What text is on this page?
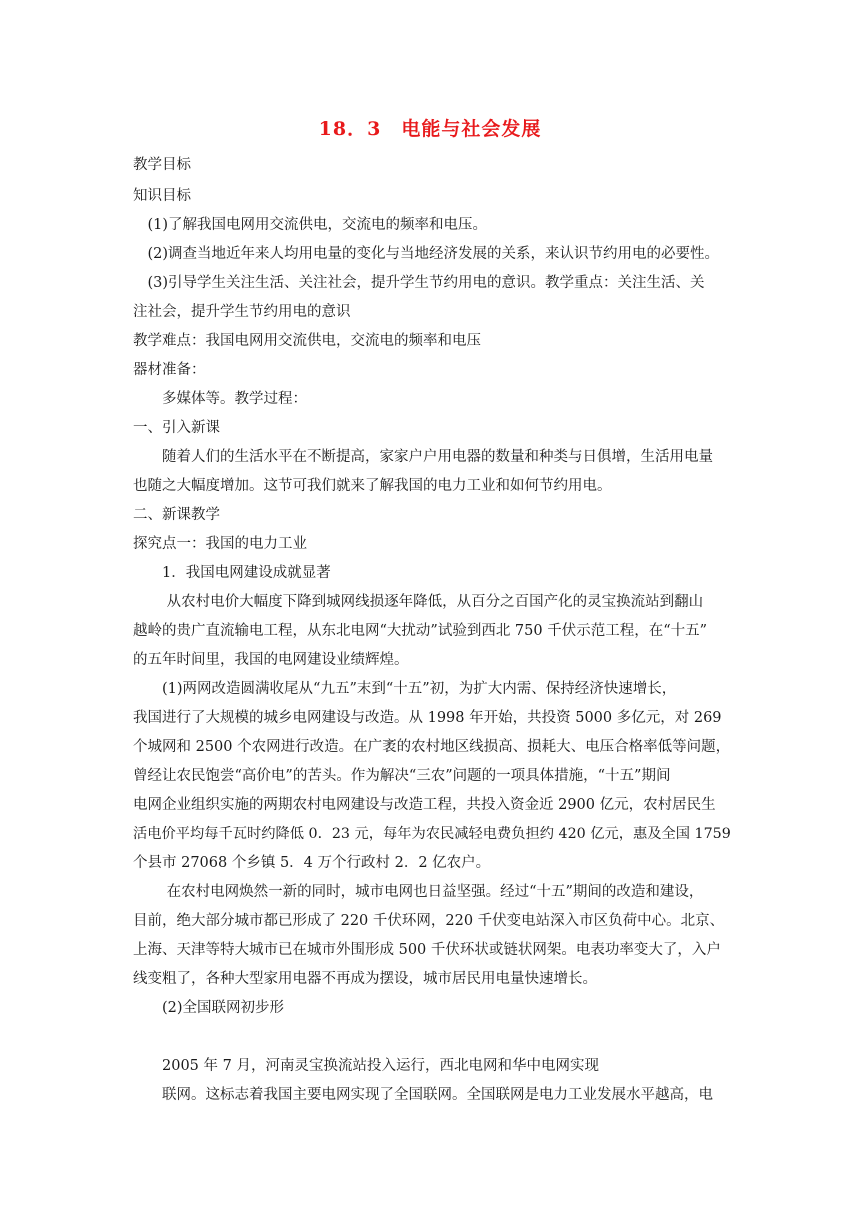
18．3　电能与社会发展
教学目标
知识目标
　(1)了解我国电网用交流供电，交流电的频率和电压。
　(2)调查当地近年来人均用电量的变化与当地经济发展的关系，来认识节约用电的必要性。
　(3)引导学生关注生活、关注社会，提升学生节约用电的意识。教学重点：关注生活、关
注社会，提升学生节约用电的意识
教学难点：我国电网用交流供电，交流电的频率和电压
器材准备：
　　多媒体等。教学过程：
一、引入新课
　　随着人们的生活水平在不断提高，家家户户用电器的数量和种类与日俱增，生活用电量
也随之大幅度增加。这节可我们就来了解我国的电力工业和如何节约用电。
二、新课教学
探究点一：我国的电力工业
　　1．我国电网建设成就显著
　　 从农村电价大幅度下降到城网线损逐年降低，从百分之百国产化的灵宝换流站到翻山
越岭的贵广直流输电工程，从东北电网“大扰动”试验到西北 750 千伏示范工程，在“十五”
的五年时间里，我国的电网建设业绩辉煌。
　　(1)两网改造圆满收尾从“九五”末到“十五”初，为扩大内需、保持经济快速增长，
我国进行了大规模的城乡电网建设与改造。从 1998 年开始，共投资 5000 多亿元，对 269
个城网和 2500 个农网进行改造。在广袤的农村地区线损高、损耗大、电压合格率低等问题，
曾经让农民饱尝“高价电”的苦头。作为解决“三农”问题的一项具体措施，“十五”期间
电网企业组织实施的两期农村电网建设与改造工程，共投入资金近 2900 亿元，农村居民生
活电价平均每千瓦时约降低 0．23 元，每年为农民减轻电费负担约 420 亿元，惠及全国 1759
个县市 27068 个乡镇 5．4 万个行政村 2．2 亿农户。
　　 在农村电网焕然一新的同时，城市电网也日益坚强。经过“十五”期间的改造和建设，
目前，绝大部分城市都已形成了 220 千伏环网，220 千伏变电站深入市区负荷中心。北京、
上海、天津等特大城市已在城市外围形成 500 千伏环状或链状网架。电表功率变大了，入户
线变粗了，各种大型家用电器不再成为摆设，城市居民用电量快速增长。
　　(2)全国联网初步形
　　2005 年 7 月，河南灵宝换流站投入运行，西北电网和华中电网实现
　　联网。这标志着我国主要电网实现了全国联网。全国联网是电力工业发展水平越高，电
